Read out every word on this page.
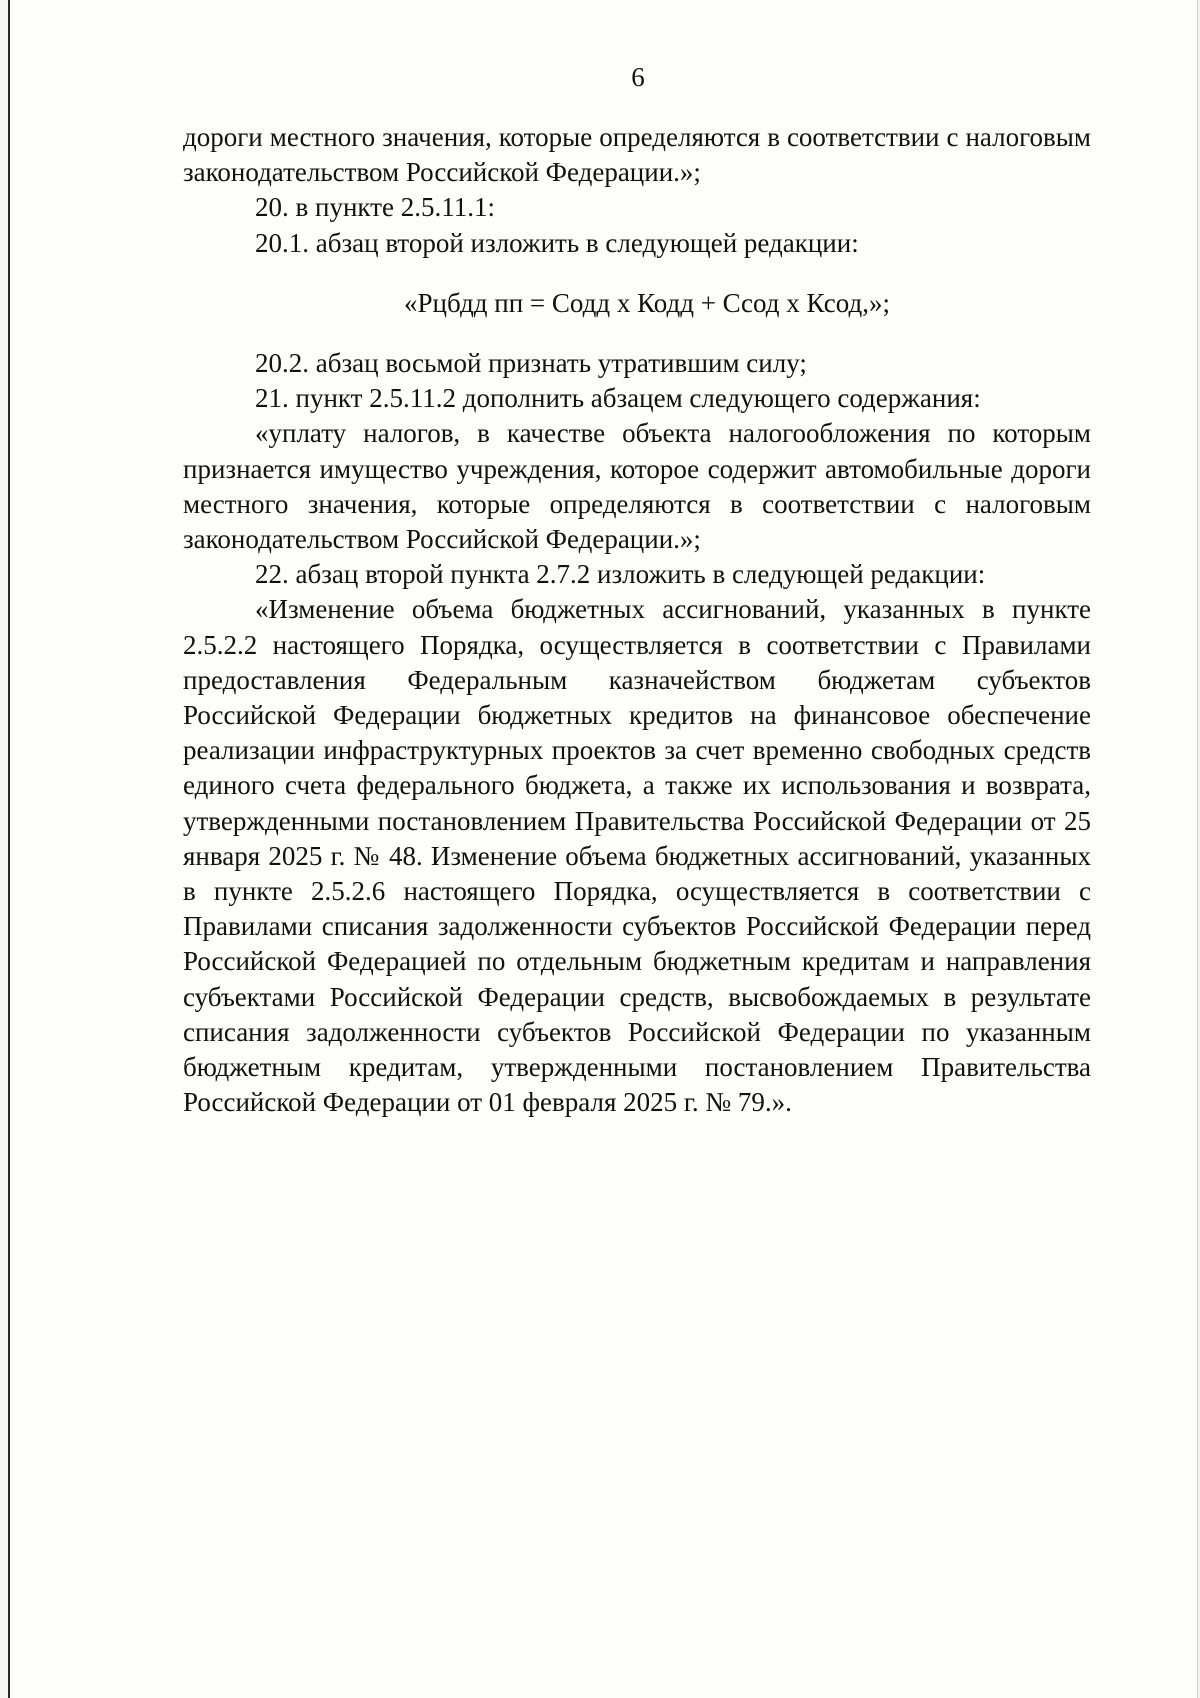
6

дороги местного значения, которые определяются в соответствии с налоговым законодательством Российской Федерации.»;

20. в пункте 2.5.11.1:

20.1. абзац второй изложить в следующей редакции:

«Рцбдд пп = Содд х Кодд + Ссод х Ксод,»;

20.2. абзац восьмой признать утратившим силу;

21. пункт 2.5.11.2 дополнить абзацем следующего содержания:

«уплату налогов, в качестве объекта налогообложения по которым признается имущество учреждения, которое содержит автомобильные дороги местного значения, которые определяются в соответствии с налоговым законодательством Российской Федерации.»;

22. абзац второй пункта 2.7.2 изложить в следующей редакции:

«Изменение объема бюджетных ассигнований, указанных в пункте 2.5.2.2 настоящего Порядка, осуществляется в соответствии с Правилами предоставления Федеральным казначейством бюджетам субъектов Российской Федерации бюджетных кредитов на финансовое обеспечение реализации инфраструктурных проектов за счет временно свободных средств единого счета федерального бюджета, а также их использования и возврата, утвержденными постановлением Правительства Российской Федерации от 25 января 2025 г. № 48. Изменение объема бюджетных ассигнований, указанных в пункте 2.5.2.6 настоящего Порядка, осуществляется в соответствии с Правилами списания задолженности субъектов Российской Федерации перед Российской Федерацией по отдельным бюджетным кредитам и направления субъектами Российской Федерации средств, высвобождаемых в результате списания задолженности субъектов Российской Федерации по указанным бюджетным кредитам, утвержденными постановлением Правительства Российской Федерации от 01 февраля 2025 г. № 79.».
